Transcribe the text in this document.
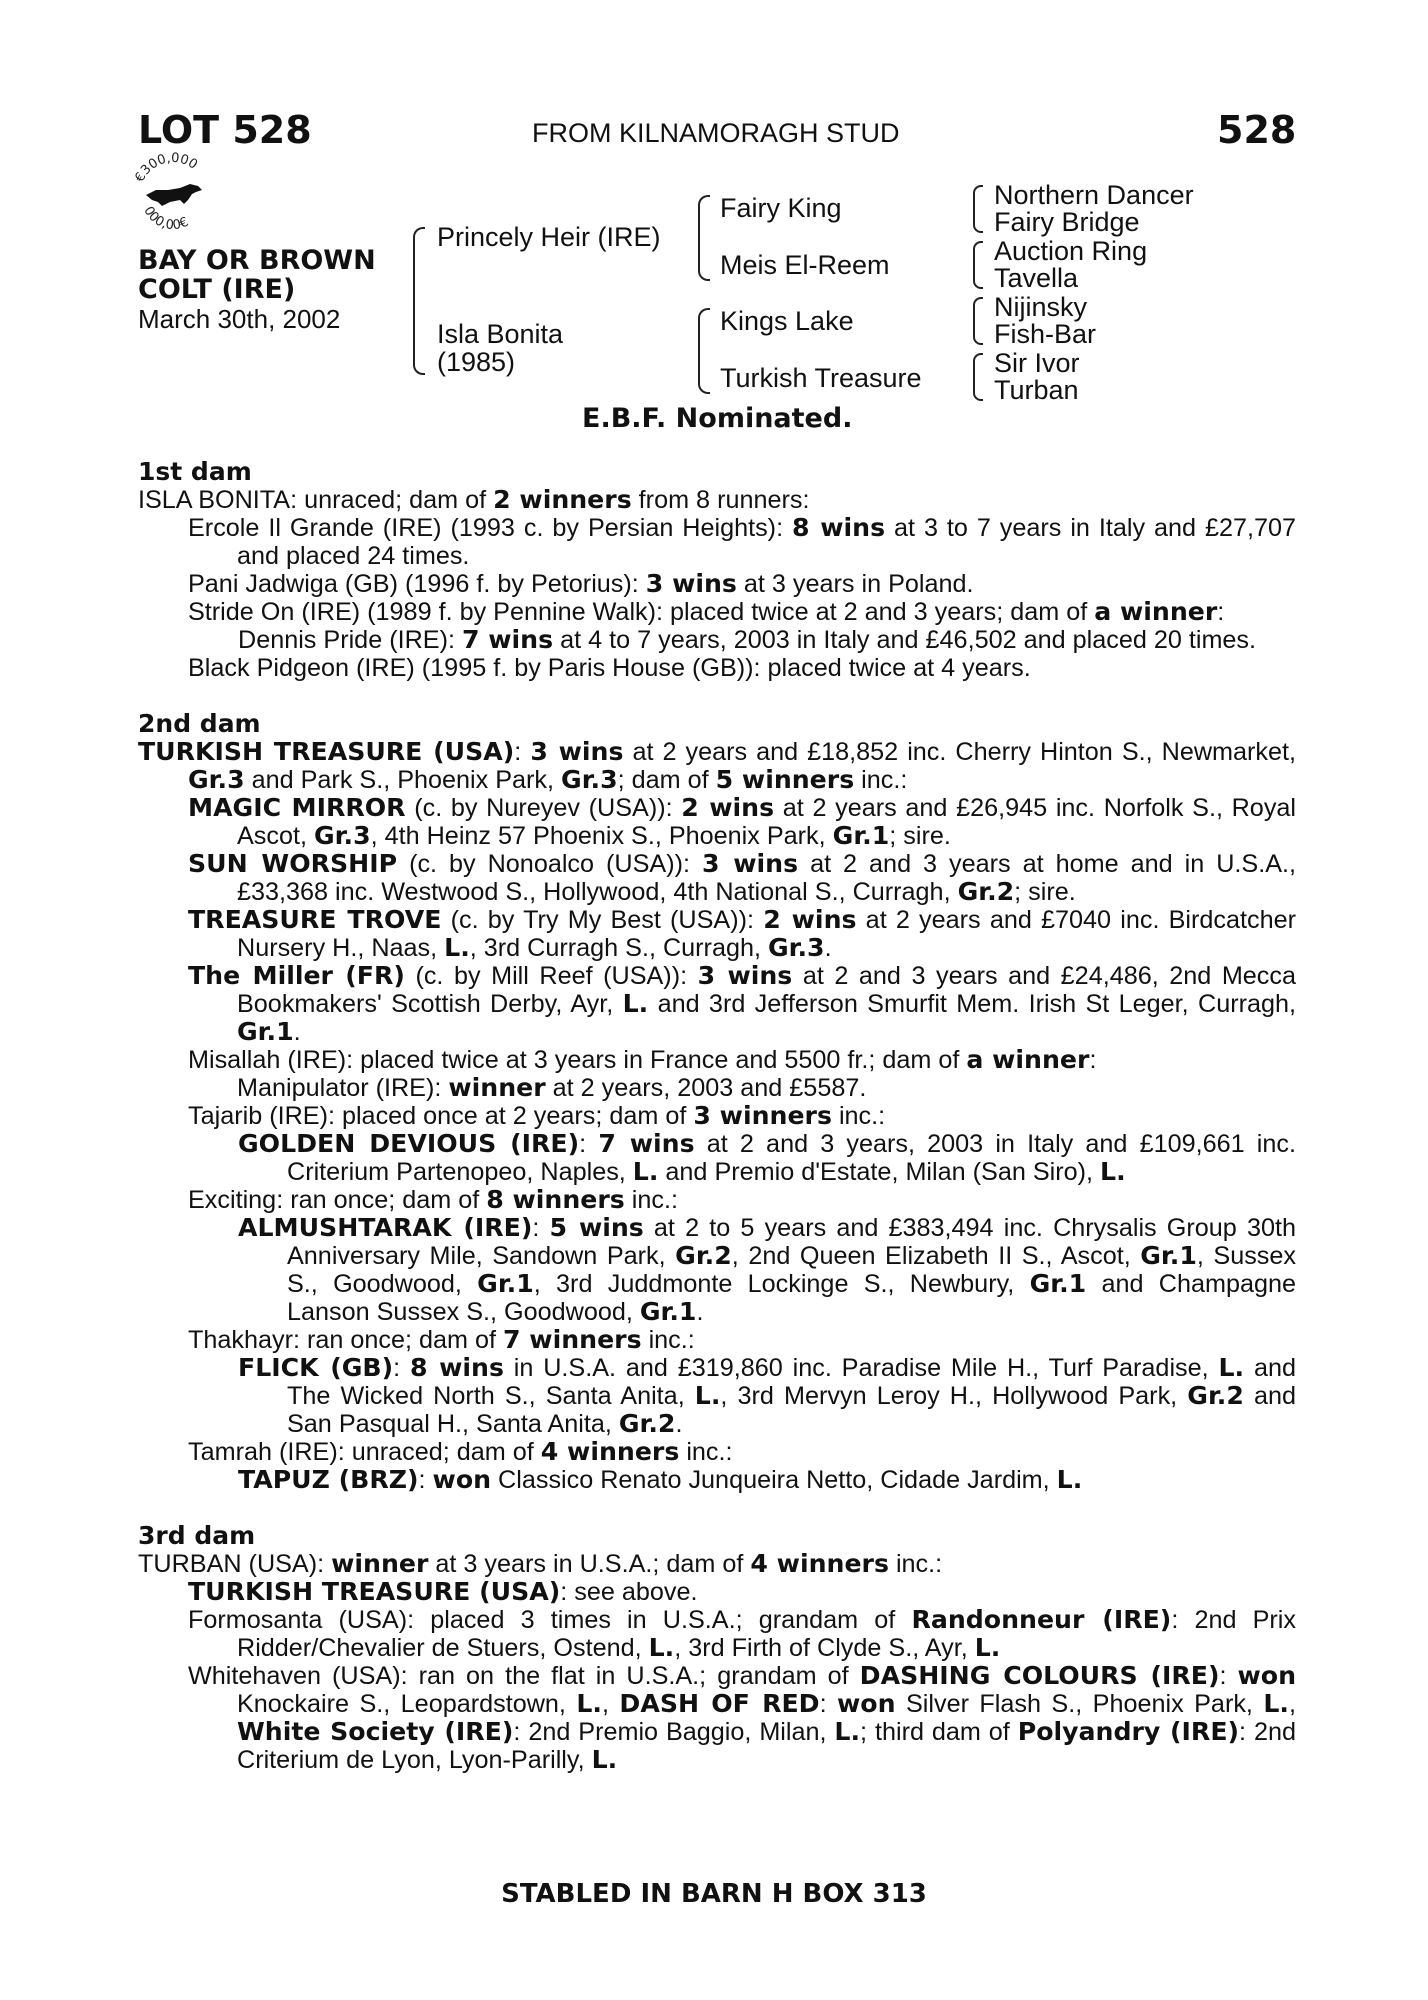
LOT 528	FROM KILNAMORAGH STUD	528
€300,000
000,00€
BAY OR BROWN
COLT (IRE)
March 30th, 2002
Princely Heir (IRE)
Isla Bonita
(1985)
Fairy King
Meis El-Reem
Kings Lake
Turkish Treasure
Northern Dancer
Fairy Bridge
Auction Ring
Tavella
Nijinsky
Fish-Bar
Sir Ivor
Turban
E.B.F. Nominated.
1st dam

ISLA BONITA: unraced; dam of 2 winners from 8 runners:

Ercole Il Grande (IRE) (1993 c. by Persian Heights): 8 wins at 3 to 7 years in Italy and £27,707 and placed 24 times.

Pani Jadwiga (GB) (1996 f. by Petorius): 3 wins at 3 years in Poland.

Stride On (IRE) (1989 f. by Pennine Walk): placed twice at 2 and 3 years; dam of a winner:

Dennis Pride (IRE): 7 wins at 4 to 7 years, 2003 in Italy and £46,502 and placed 20 times.

Black Pidgeon (IRE) (1995 f. by Paris House (GB)): placed twice at 4 years.

2nd dam

TURKISH TREASURE (USA): 3 wins at 2 years and £18,852 inc. Cherry Hinton S., Newmarket, Gr.3 and Park S., Phoenix Park, Gr.3; dam of 5 winners inc.:

MAGIC MIRROR (c. by Nureyev (USA)): 2 wins at 2 years and £26,945 inc. Norfolk S., Royal Ascot, Gr.3, 4th Heinz 57 Phoenix S., Phoenix Park, Gr.1; sire.

SUN WORSHIP (c. by Nonoalco (USA)): 3 wins at 2 and 3 years at home and in U.S.A., £33,368 inc. Westwood S., Hollywood, 4th National S., Curragh, Gr.2; sire.

TREASURE TROVE (c. by Try My Best (USA)): 2 wins at 2 years and £7040 inc. Birdcatcher Nursery H., Naas, L., 3rd Curragh S., Curragh, Gr.3.

The Miller (FR) (c. by Mill Reef (USA)): 3 wins at 2 and 3 years and £24,486, 2nd Mecca Bookmakers' Scottish Derby, Ayr, L. and 3rd Jefferson Smurfit Mem. Irish St Leger, Curragh, Gr.1.

Misallah (IRE): placed twice at 3 years in France and 5500 fr.; dam of a winner:

Manipulator (IRE): winner at 2 years, 2003 and £5587.

Tajarib (IRE): placed once at 2 years; dam of 3 winners inc.:

GOLDEN DEVIOUS (IRE): 7 wins at 2 and 3 years, 2003 in Italy and £109,661 inc. Criterium Partenopeo, Naples, L. and Premio d'Estate, Milan (San Siro), L.

Exciting: ran once; dam of 8 winners inc.:

ALMUSHTARAK (IRE): 5 wins at 2 to 5 years and £383,494 inc. Chrysalis Group 30th Anniversary Mile, Sandown Park, Gr.2, 2nd Queen Elizabeth II S., Ascot, Gr.1, Sussex S., Goodwood, Gr.1, 3rd Juddmonte Lockinge S., Newbury, Gr.1 and Champagne Lanson Sussex S., Goodwood, Gr.1.

Thakhayr: ran once; dam of 7 winners inc.:

FLICK (GB): 8 wins in U.S.A. and £319,860 inc. Paradise Mile H., Turf Paradise, L. and The Wicked North S., Santa Anita, L., 3rd Mervyn Leroy H., Hollywood Park, Gr.2 and San Pasqual H., Santa Anita, Gr.2.

Tamrah (IRE): unraced; dam of 4 winners inc.:

TAPUZ (BRZ): won Classico Renato Junqueira Netto, Cidade Jardim, L.

3rd dam

TURBAN (USA): winner at 3 years in U.S.A.; dam of 4 winners inc.:

TURKISH TREASURE (USA): see above.

Formosanta (USA): placed 3 times in U.S.A.; grandam of Randonneur (IRE): 2nd Prix Ridder/Chevalier de Stuers, Ostend, L., 3rd Firth of Clyde S., Ayr, L.

Whitehaven (USA): ran on the flat in U.S.A.; grandam of DASHING COLOURS (IRE): won Knockaire S., Leopardstown, L., DASH OF RED: won Silver Flash S., Phoenix Park, L., White Society (IRE): 2nd Premio Baggio, Milan, L.; third dam of Polyandry (IRE): 2nd Criterium de Lyon, Lyon-Parilly, L.

STABLED IN BARN H BOX 313
